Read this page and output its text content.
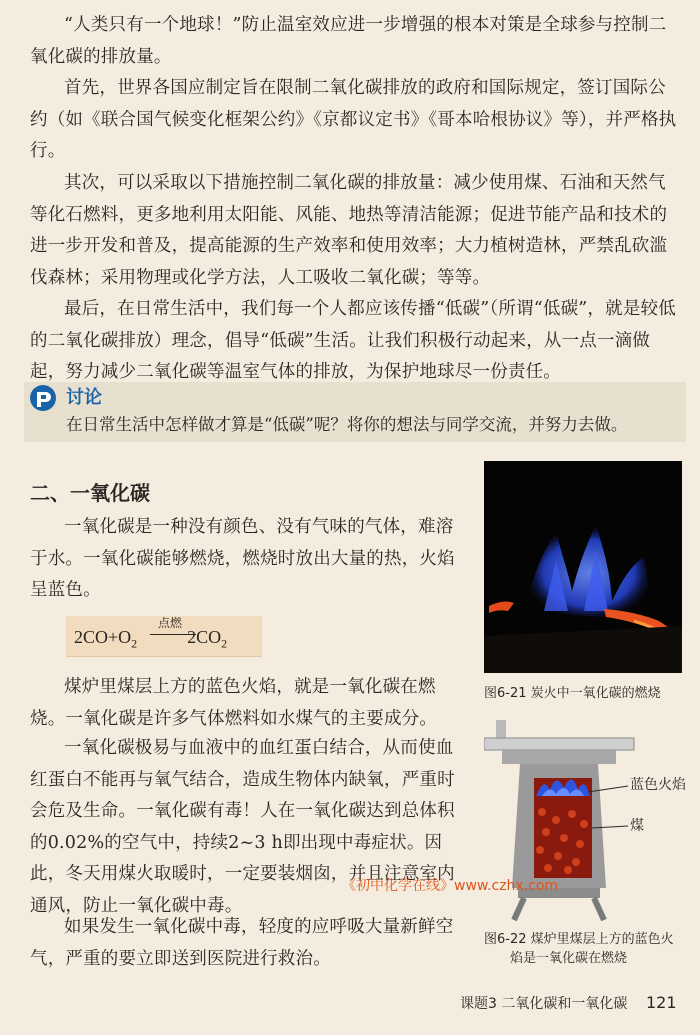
“人类只有一个地球！”防止温室效应进一步增强的根本对策是全球参与控制二氧化碳的排放量。

首先，世界各国应制定旨在限制二氧化碳排放的政府和国际规定，签订国际公约（如《联合国气候变化框架公约》《京都议定书》《哥本哈根协议》等），并严格执行。

其次，可以采取以下措施控制二氧化碳的排放量：减少使用煤、石油和天然气等化石燃料，更多地利用太阳能、风能、地热等清洁能源；促进节能产品和技术的进一步开发和普及，提高能源的生产效率和使用效率；大力植树造林，严禁乱砍滥伐森林；采用物理或化学方法，人工吸收二氧化碳；等等。

最后，在日常生活中，我们每一个人都应该传播“低碳”（所谓“低碳”，就是较低的二氧化碳排放）理念，倡导“低碳”生活。让我们积极行动起来，从一点一滴做起，努力减少二氧化碳等温室气体的排放，为保护地球尽一份责任。

讨论
在日常生活中怎样做才算是“低碳”呢？将你的想法与同学交流，并努力去做。
二、一氧化碳

一氧化碳是一种没有颜色、没有气味的气体，难溶于水。一氧化碳能够燃烧，燃烧时放出大量的热，火焰呈蓝色。

$2CO+O_2$	$2CO_2$
点燃

煤炉里煤层上方的蓝色火焰，就是一氧化碳在燃烧。一氧化碳是许多气体燃料如水煤气的主要成分。

一氧化碳极易与血液中的血红蛋白结合，从而使血红蛋白不能再与氧气结合，造成生物体内缺氧，严重时会危及生命。一氧化碳有毒！人在一氧化碳达到总体积的0.02%的空气中，持续2~3 h即出现中毒症状。因此，冬天用煤火取暖时，一定要装烟囱，并且注意室内通风，防止一氧化碳中毒。

如果发生一氧化碳中毒，轻度的应呼吸大量新鲜空气，严重的要立即送到医院进行救治。

图6-21 炭火中一氧化碳的燃烧
蓝色火焰
煤
图6-22 煤炉里煤层上方的蓝色火
焰是一氧化碳在燃烧
《初中化学在线》www.czhx.com
课题3 二氧化碳和一氧化碳 121
